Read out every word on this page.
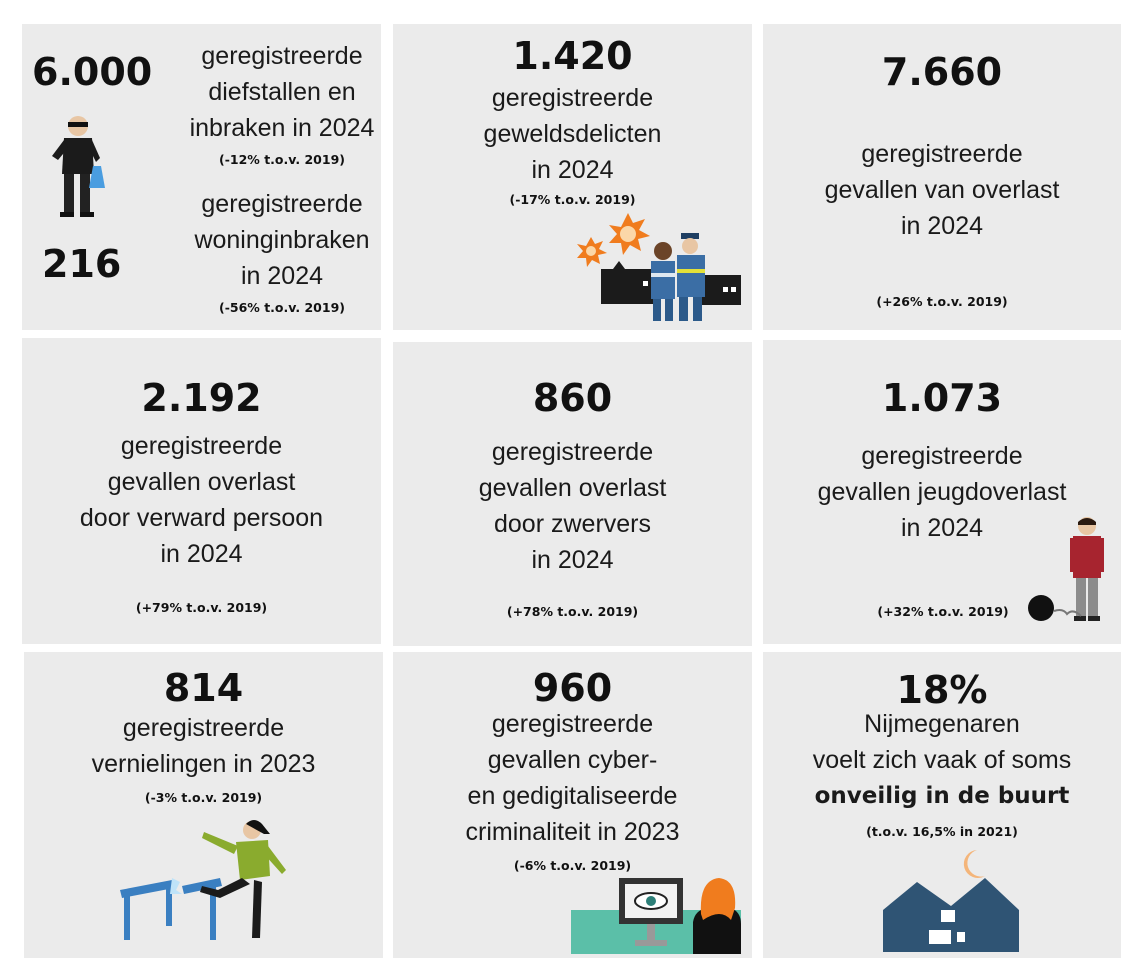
6.000	geregistreerde
diefstallen en
inbraken in 2024
(-12% t.o.v. 2019)
geregistreerde
woninginbraken
in 2024
(-56% t.o.v. 2019)
216
1.420
geregistreerde
geweldsdelicten
in 2024
(-17% t.o.v. 2019)
7.660
geregistreerde
gevallen van overlast
in 2024
(+26% t.o.v. 2019)
2.192
geregistreerde
gevallen overlast
door verward persoon
in 2024
(+79% t.o.v. 2019)
860
geregistreerde
gevallen overlast
door zwervers
in 2024
(+78% t.o.v. 2019)
1.073
geregistreerde
gevallen jeugdoverlast
in 2024
(+32% t.o.v. 2019)
814
geregistreerde
vernielingen in 2023
(-3% t.o.v. 2019)
960
geregistreerde
gevallen cyber-
en gedigitaliseerde
criminaliteit in 2023
(-6% t.o.v. 2019)
18%
Nijmegenaren
voelt zich vaak of soms
onveilig in de buurt
(t.o.v. 16,5% in 2021)
